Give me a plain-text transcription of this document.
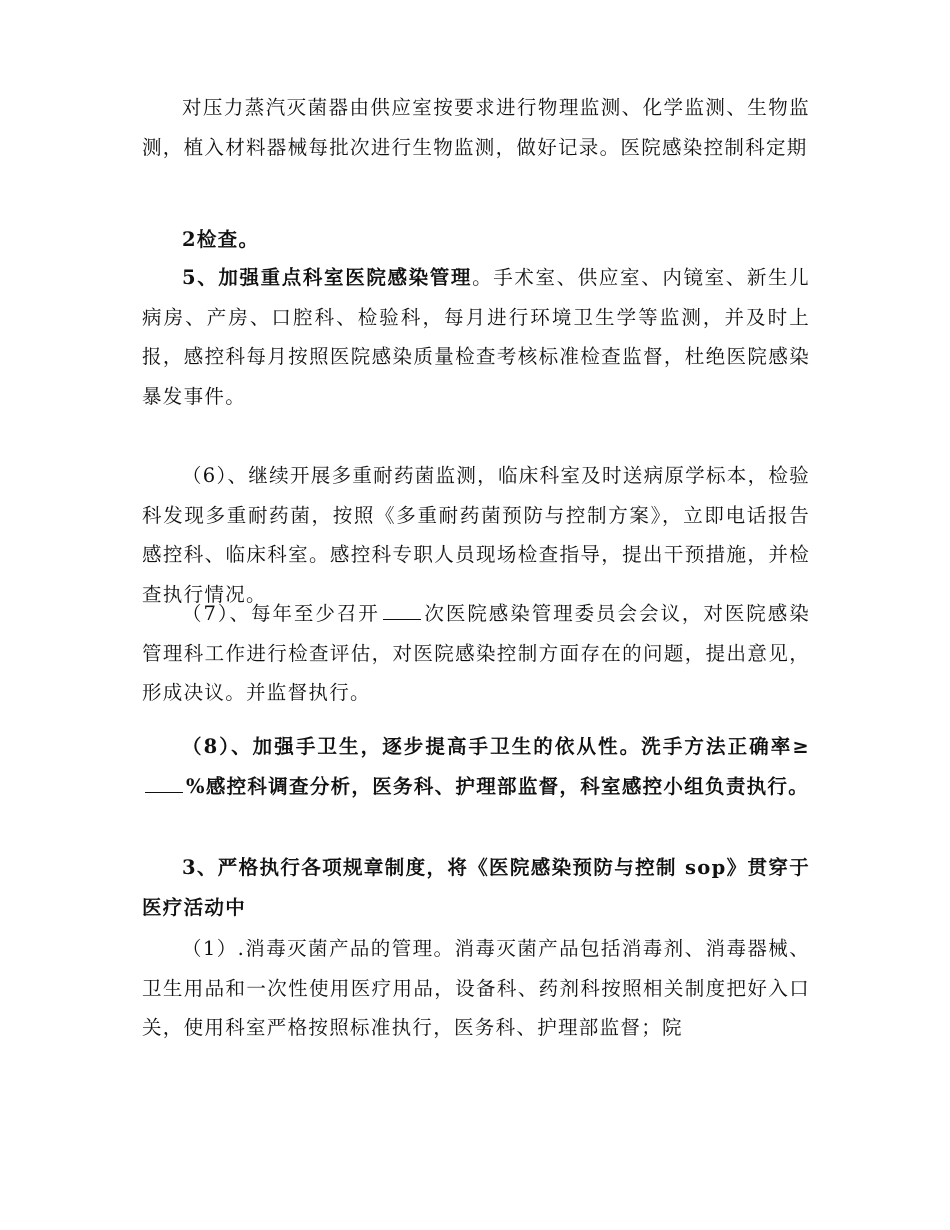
对压力蒸汽灭菌器由供应室按要求进行物理监测、化学监测、生物监测，植入材料器械每批次进行生物监测，做好记录。医院感染控制科定期

2检查。

5、加强重点科室医院感染管理。手术室、供应室、内镜室、新生儿病房、产房、口腔科、检验科，每月进行环境卫生学等监测，并及时上报，感控科每月按照医院感染质量检查考核标准检查监督，杜绝医院感染暴发事件。

（6）、继续开展多重耐药菌监测，临床科室及时送病原学标本，检验科发现多重耐药菌，按照《多重耐药菌预防与控制方案》，立即电话报告感控科、临床科室。感控科专职人员现场检查指导，提出干预措施，并检查执行情况。

（7）、每年至少召开 次医院感染管理委员会会议，对医院感染管理科工作进行检查评估，对医院感染控制方面存在的问题，提出意见，形成决议。并监督执行。

（8）、加强手卫生，逐步提高手卫生的依从性。洗手方法正确率≥%感控科调查分析，医务科、护理部监督，科室感控小组负责执行。

3、严格执行各项规章制度，将《医院感染预防与控制 sop》贯穿于医疗活动中

（1）.消毒灭菌产品的管理。消毒灭菌产品包括消毒剂、消毒器械、卫生用品和一次性使用医疗用品，设备科、药剂科按照相关制度把好入口关，使用科室严格按照标准执行，医务科、护理部监督；院
